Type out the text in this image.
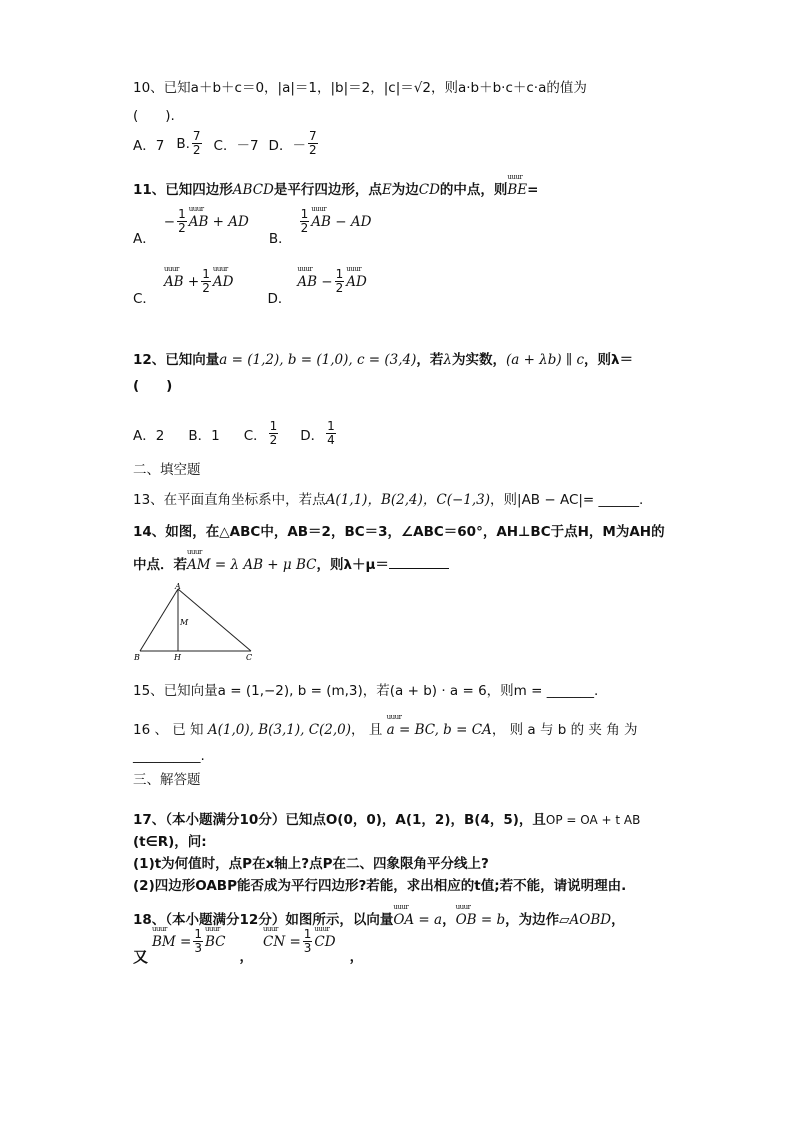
10、已知a＋b＋c＝0，|a|＝1，|b|＝2，|c|＝√2，则a·b＋b·c＋c·a的值为
(　　).
A．7 B. $\frac{7}{2}$ C．－7 D．－ $\frac{7}{2}$
11、已知四边形ABCD是平行四边形，点E为边CD的中点，则uuur BE=
A．
− $\frac{1}{2}$ uuur AB + AD
B．
$\frac{1}{2}$ uuur AB − AD
C．
uuur AB + $\frac{1}{2}$ uuur AD
D．
uuur AB − $\frac{1}{2}$ uuur AD
12、已知向量a = (1,2), b = (1,0), c = (3,4)，若λ为实数，(a + λb) ∥ c，则λ＝
(　　)
A．2 B．1 C． $\frac{1}{2}$ D． $\frac{1}{4}$
二、填空题
13、在平面直角坐标系中，若点A(1,1)，B(2,4)，C(−1,3)，则|AB − AC|= ______.
14、如图，在△ABC中，AB＝2，BC＝3，∠ABC＝60°，AH⊥BC于点H，M为AH的
中点．若uuur AM = λ AB + μ BC，则λ＋μ＝
A
M
B	H	C
15、已知向量a = (1,−2), b = (m,3)，若(a + b) · a = 6，则m = _______.
16 、 已 知 A(1,0), B(3,1), C(2,0)， 且 uuur a = BC, b = CA， 则 a 与 b 的 夹 角 为
__________.
三、解答题
17、（本小题满分10分）已知点O(0，0)，A(1，2)，B(4，5)，且OP = OA + t AB
(t∈R)，问:
(1)t为何值时，点P在x轴上?点P在二、四象限角平分线上?
(2)四边形OABP能否成为平行四边形?若能，求出相应的t值;若不能，请说明理由.
18、（本小题满分12分）如图所示，以向量uuur OA = a，uuur OB = b，为边作▱AOBD，
又
uuur BM = $\frac{1}{3}$ uuur BC
，
uuur CN = $\frac{1}{3}$ uuur CD
，
